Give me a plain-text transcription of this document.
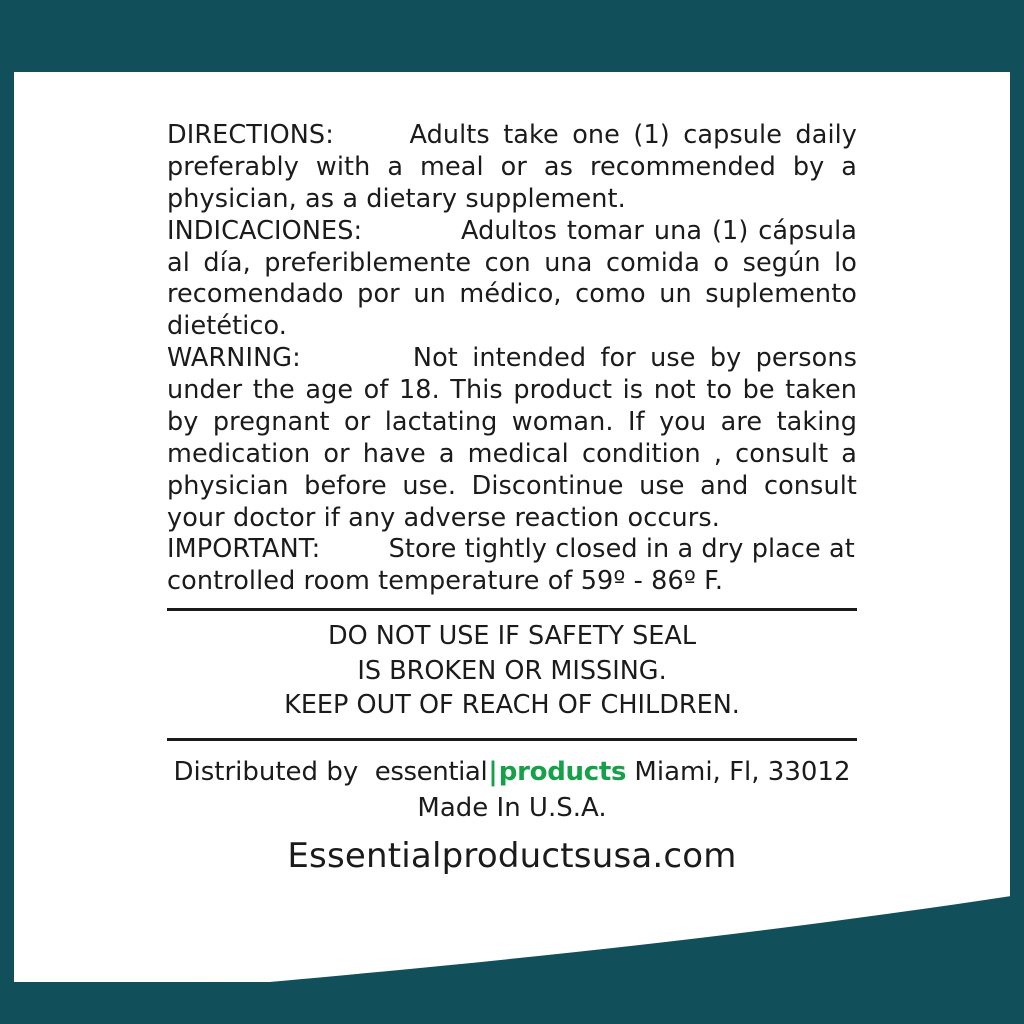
DIRECTIONS:		Adults take one (1) capsule daily preferably with a meal or as recommended by a physician, as a dietary supplement.

INDICACIONES:		Adultos tomar una (1) cápsula al día, preferiblemente con una comida o según lo recomendado por un médico, como un suplemento dietético.

WARNING:		Not intended for use by persons under the age of 18. This product is not to be taken by pregnant or lactating woman. If you are taking medication or have a medical condition , consult a physician before use. Discontinue use and consult your doctor if any adverse reaction occurs.

IMPORTANT:		Store tightly closed in a dry place at controlled room temperature of 59º - 86º F.

DO NOT USE IF SAFETY SEAL
IS BROKEN OR MISSING.
KEEP OUT OF REACH OF CHILDREN.
Distributed by essential|products Miami, Fl, 33012
Made In U.S.A.
Essentialproductsusa.com
